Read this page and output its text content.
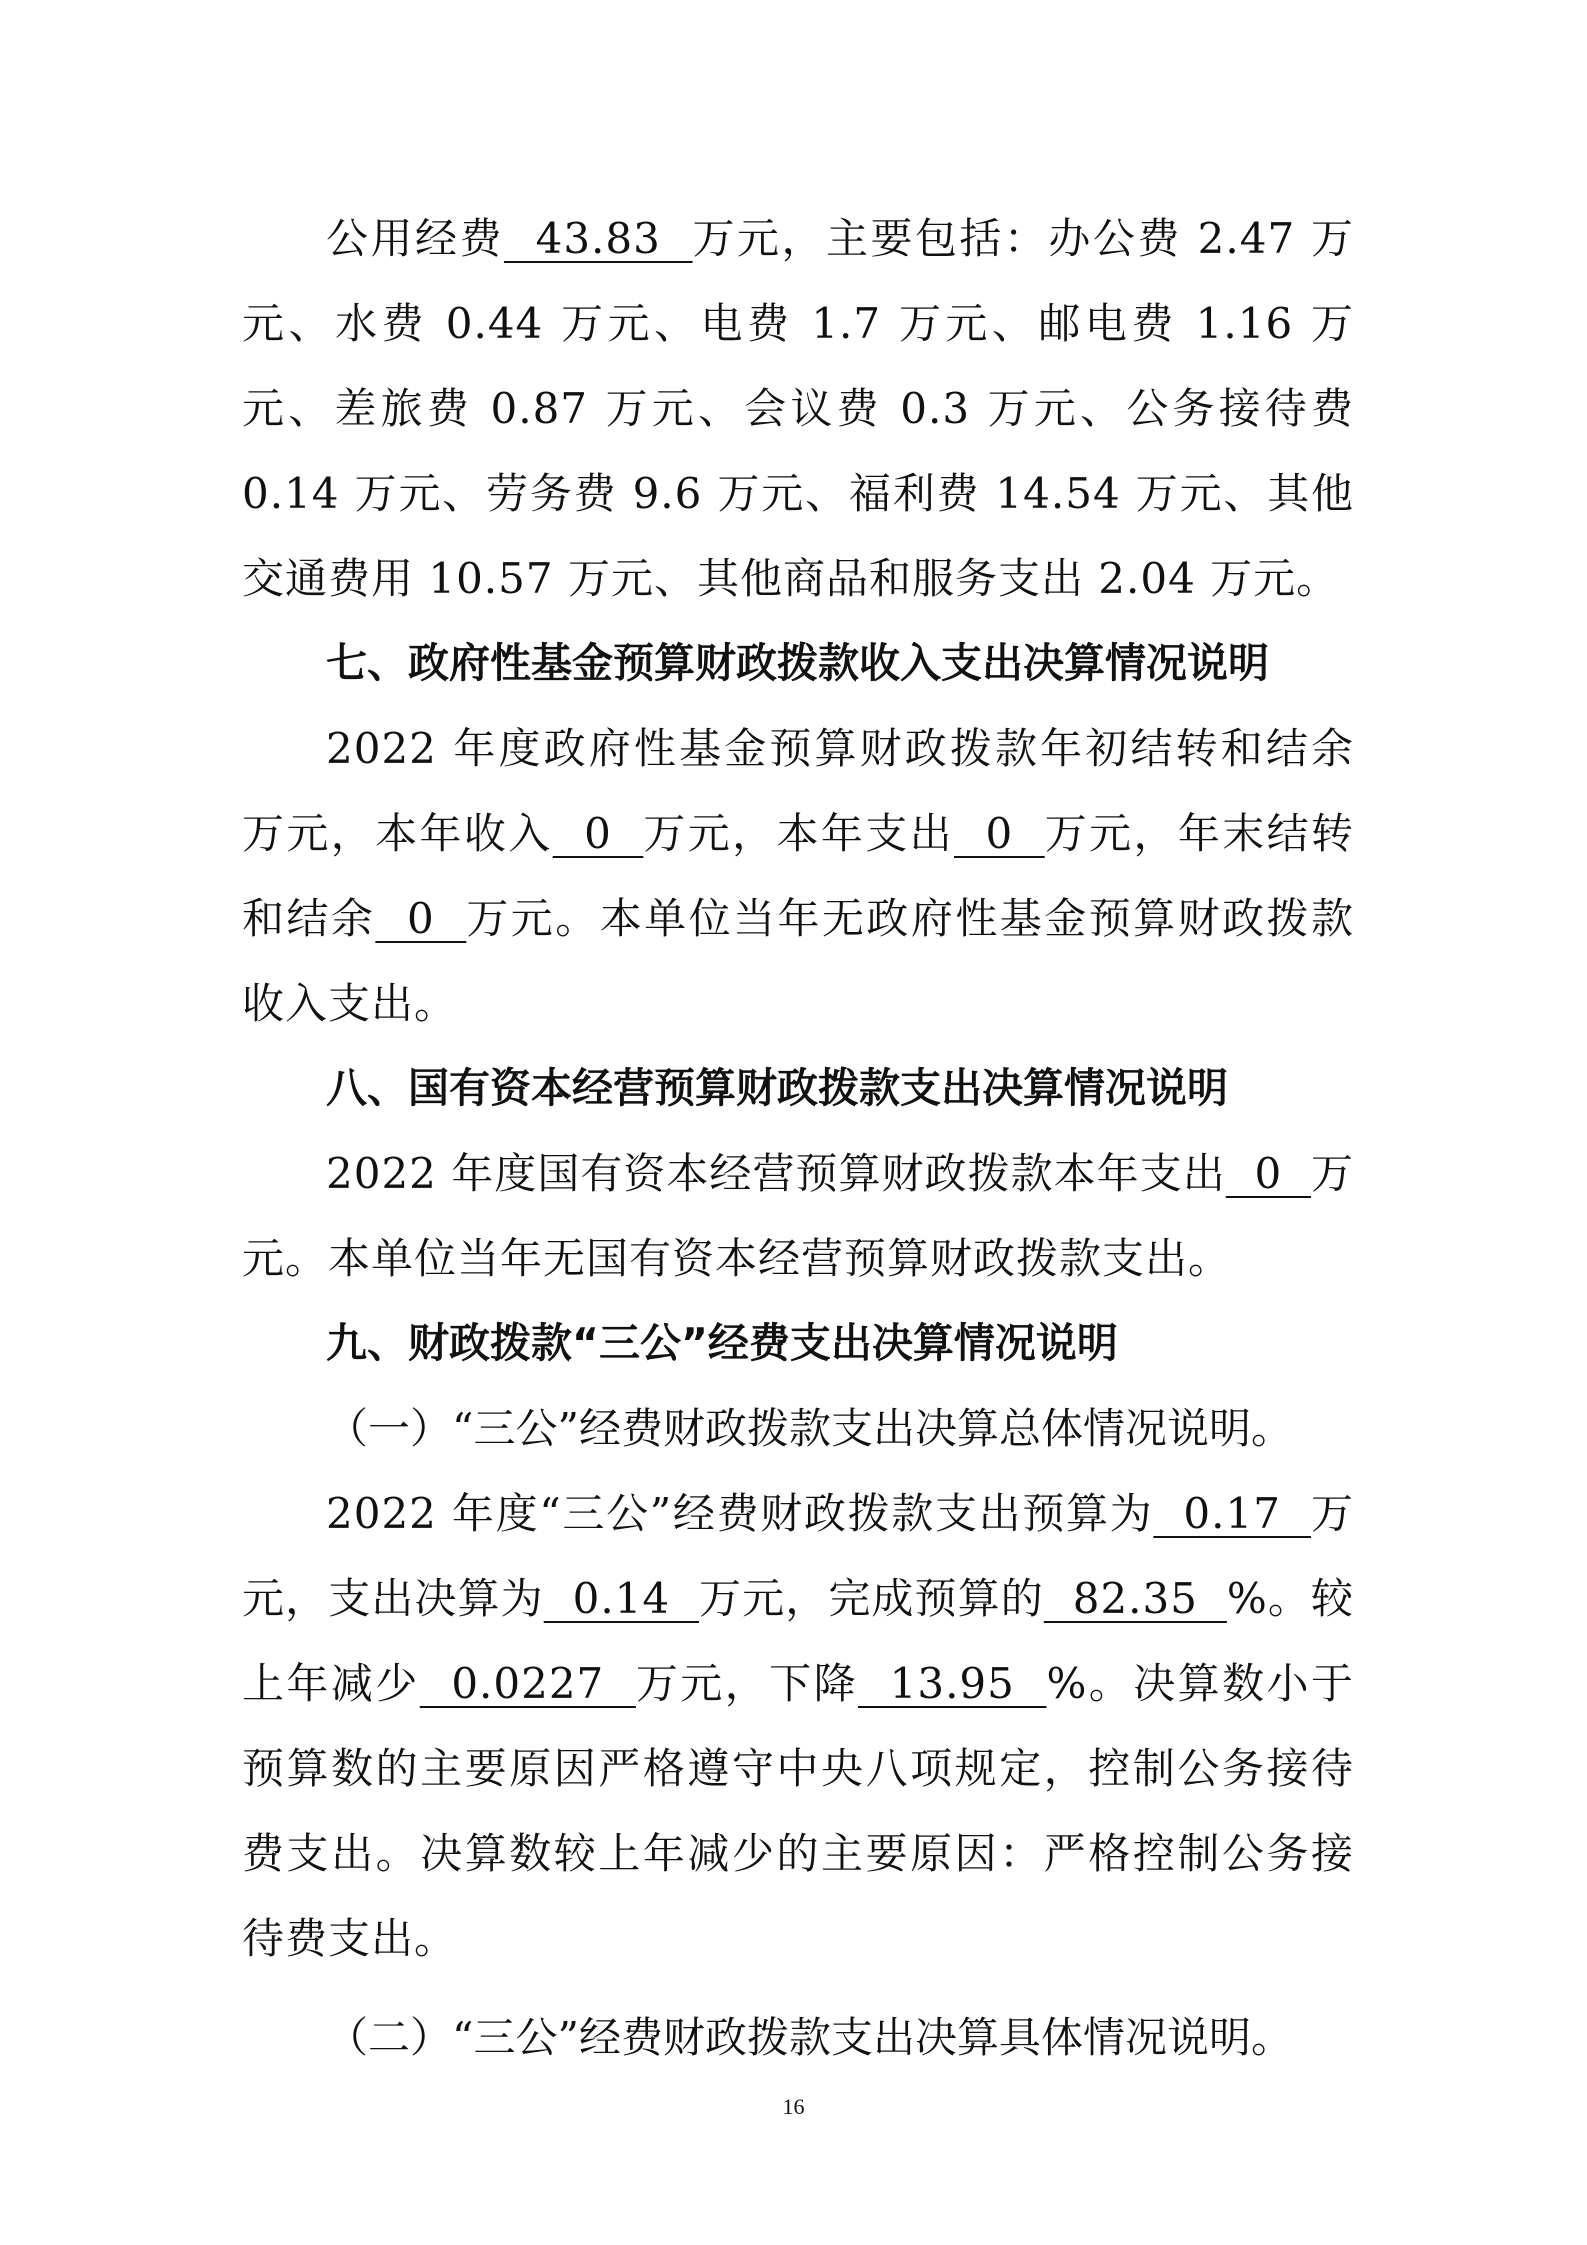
公用经费  43.83  万元，主要包括：办公费 2.47 万元、水费 0.44 万元、电费 1.7 万元、邮电费 1.16 万元、差旅费 0.87 万元、会议费 0.3 万元、公务接待费 0.14 万元、劳务费 9.6 万元、福利费 14.54 万元、其他交通费用 10.57 万元、其他商品和服务支出 2.04 万元。

七、政府性基金预算财政拨款收入支出决算情况说明

2022 年度政府性基金预算财政拨款年初结转和结余万元，本年收入  0  万元，本年支出  0  万元，年末结转和结余  0  万元。本单位当年无政府性基金预算财政拨款收入支出。

八、国有资本经营预算财政拨款支出决算情况说明

2022 年度国有资本经营预算财政拨款本年支出  0  万元。本单位当年无国有资本经营预算财政拨款支出。

九、财政拨款“三公”经费支出决算情况说明

（一）“三公”经费财政拨款支出决算总体情况说明。

2022 年度“三公”经费财政拨款支出预算为  0.17  万元，支出决算为  0.14  万元，完成预算的  82.35  %。较上年减少  0.0227  万元，下降  13.95  %。决算数小于预算数的主要原因严格遵守中央八项规定，控制公务接待费支出。决算数较上年减少的主要原因：严格控制公务接待费支出。

（二）“三公”经费财政拨款支出决算具体情况说明。

16
